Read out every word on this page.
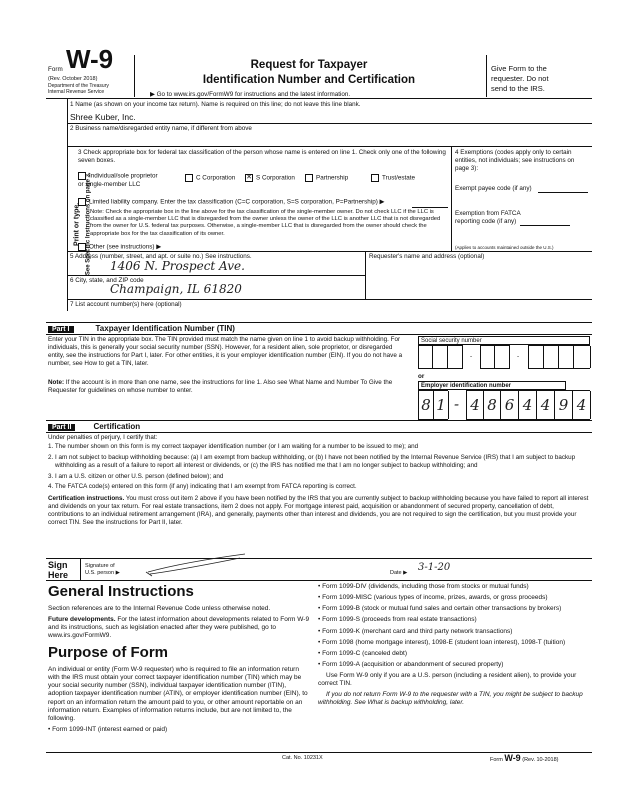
Form W-9
(Rev. October 2018)
Department of the Treasury
Internal Revenue Service
Request for Taxpayer
Identification Number and Certification
▶ Go to www.irs.gov/FormW9 for instructions and the latest information.
Give Form to the
requester. Do not
send to the IRS.
Print or type. See Specific Instructions on page 3.
1 Name (as shown on your income tax return). Name is required on this line; do not leave this line blank.
Shree Kuber, Inc.
2 Business name/disregarded entity name, if different from above
3 Check appropriate box for federal tax classification of the person whose name is entered on line 1. Check only one of the following seven boxes.
Individual/sole proprietor or single-member LLC
C Corporation ✕ S Corporation	Partnership	Trust/estate
Limited liability company. Enter the tax classification (C=C corporation, S=S corporation, P=Partnership) ▶
Note: Check the appropriate box in the line above for the tax classification of the single-member owner. Do not check LLC if the LLC is classified as a single-member LLC that is disregarded from the owner unless the owner of the LLC is another LLC that is not disregarded from the owner for U.S. federal tax purposes. Otherwise, a single-member LLC that is disregarded from the owner should check the appropriate box for the tax classification of its owner.
Other (see instructions) ▶
4 Exemptions (codes apply only to certain entities, not individuals; see instructions on page 3):
Exempt payee code (if any)
Exemption from FATCA reporting code (if any)
(Applies to accounts maintained outside the U.S.)
5 Address (number, street, and apt. or suite no.) See instructions.
1406 N. Prospect Ave.
Requester's name and address (optional)
6 City, state, and ZIP code
Champaign, IL 61820
7 List account number(s) here (optional)
Part I	Taxpayer Identification Number (TIN)
Enter your TIN in the appropriate box. The TIN provided must match the name given on line 1 to avoid backup withholding. For individuals, this is generally your social security number (SSN). However, for a resident alien, sole proprietor, or disregarded entity, see the instructions for Part I, later. For other entities, it is your employer identification number (EIN). If you do not have a number, see How to get a TIN, later.
Note: If the account is in more than one name, see the instructions for line 1. Also see What Name and Number To Give the Requester for guidelines on whose number to enter.
Social security number
-	-
or
Employer identification number
8 1 - 4 8 6 4 4 9 4
Part II	Certification
Under penalties of perjury, I certify that:

1. The number shown on this form is my correct taxpayer identification number (or I am waiting for a number to be issued to me); and

2. I am not subject to backup withholding because: (a) I am exempt from backup withholding, or (b) I have not been notified by the Internal Revenue Service (IRS) that I am subject to backup withholding as a result of a failure to report all interest or dividends, or (c) the IRS has notified me that I am no longer subject to backup withholding; and

3. I am a U.S. citizen or other U.S. person (defined below); and

4. The FATCA code(s) entered on this form (if any) indicating that I am exempt from FATCA reporting is correct.

Certification instructions. You must cross out item 2 above if you have been notified by the IRS that you are currently subject to backup withholding because you have failed to report all interest and dividends on your tax return. For real estate transactions, item 2 does not apply. For mortgage interest paid, acquisition or abandonment of secured property, cancellation of debt, contributions to an individual retirement arrangement (IRA), and generally, payments other than interest and dividends, you are not required to sign the certification, but you must provide your correct TIN. See the instructions for Part II, later.

Sign
Here
Signature of
U.S. person ▶	Date ▶ 3-1-20
General Instructions

Section references are to the Internal Revenue Code unless otherwise noted.

Future developments. For the latest information about developments related to Form W-9 and its instructions, such as legislation enacted after they were published, go to www.irs.gov/FormW9.

Purpose of Form

An individual or entity (Form W-9 requester) who is required to file an information return with the IRS must obtain your correct taxpayer identification number (TIN) which may be your social security number (SSN), individual taxpayer identification number (ITIN), adoption taxpayer identification number (ATIN), or employer identification number (EIN), to report on an information return the amount paid to you, or other amount reportable on an information return. Examples of information returns include, but are not limited to, the following.

• Form 1099-INT (interest earned or paid)

• Form 1099-DIV (dividends, including those from stocks or mutual funds)

• Form 1099-MISC (various types of income, prizes, awards, or gross proceeds)

• Form 1099-B (stock or mutual fund sales and certain other transactions by brokers)

• Form 1099-S (proceeds from real estate transactions)

• Form 1099-K (merchant card and third party network transactions)

• Form 1098 (home mortgage interest), 1098-E (student loan interest), 1098-T (tuition)

• Form 1099-C (canceled debt)

• Form 1099-A (acquisition or abandonment of secured property)

Use Form W-9 only if you are a U.S. person (including a resident alien), to provide your correct TIN.

If you do not return Form W-9 to the requester with a TIN, you might be subject to backup withholding. See What is backup withholding, later.

Cat. No. 10231X	Form W-9 (Rev. 10-2018)
